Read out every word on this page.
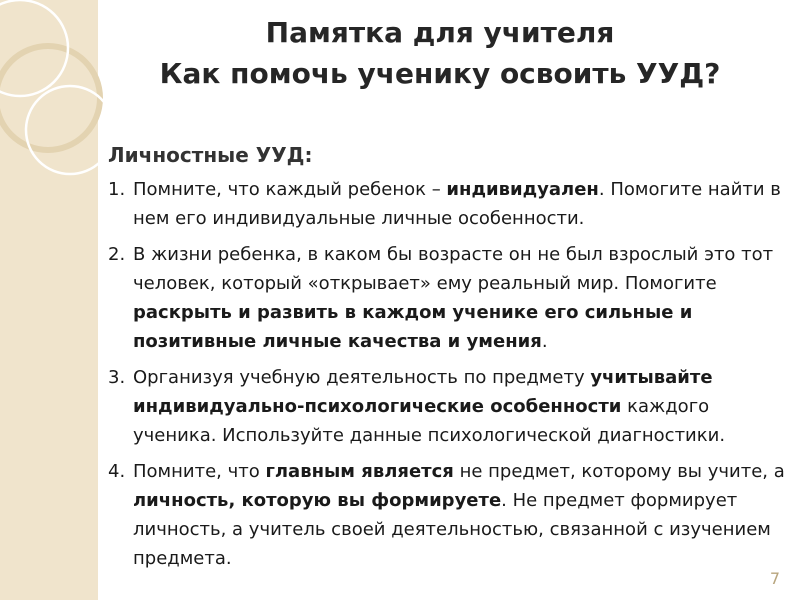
Памятка для учителя
Как помочь ученику освоить УУД?
Личностные УУД:
1. Помните, что каждый ребенок – индивидуален. Помогите найти в нем его индивидуальные личные особенности.
2. В жизни ребенка, в каком бы возрасте он не был взрослый это тот человек, который «открывает» ему реальный мир. Помогите раскрыть и развить в каждом ученике его сильные и позитивные личные качества и умения.
3. Организуя учебную деятельность по предмету учитывайте индивидуально-психологические особенности каждого ученика. Используйте данные психологической диагностики.
4. Помните, что главным является не предмет, которому вы учите, а личность, которую вы формируете. Не предмет формирует личность, а учитель своей деятельностью, связанной с изучением предмета.
7
